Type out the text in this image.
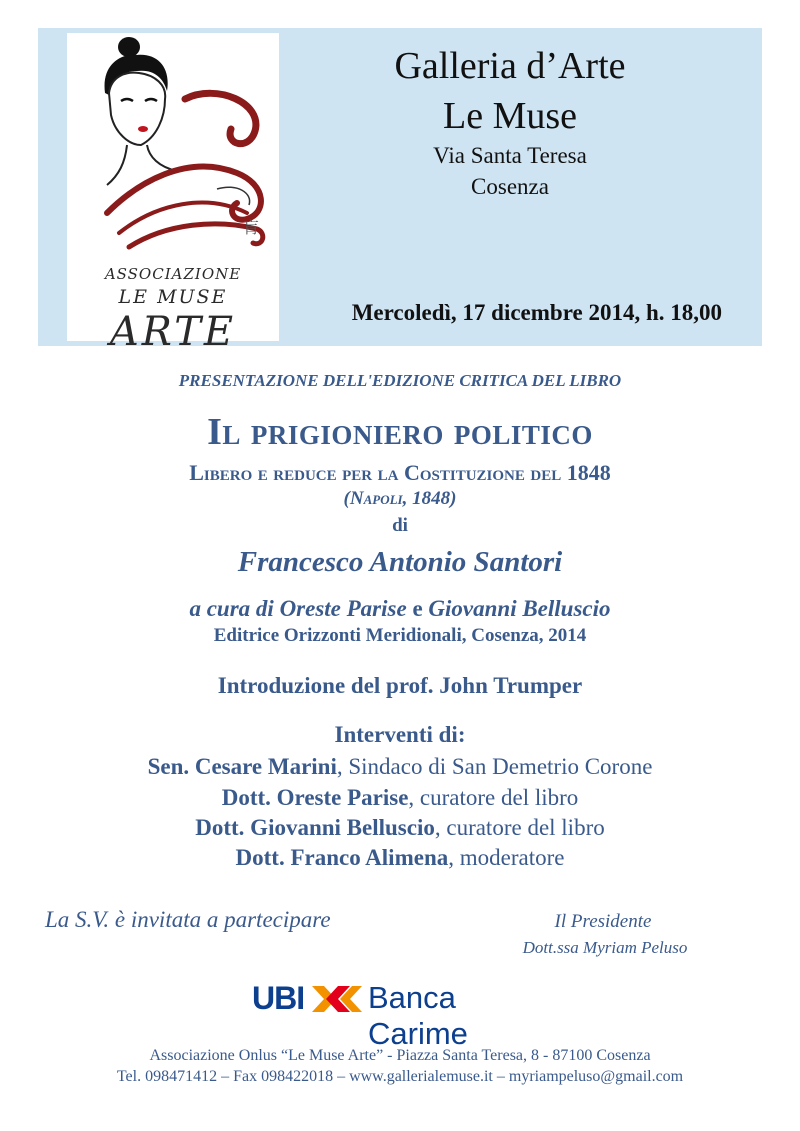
肓
ASSOCIAZIONE
LE MUSE
ARTE
Galleria d’Arte
Le Muse
Via Santa Teresa
Cosenza
Mercoledì, 17 dicembre 2014, h. 18,00
PRESENTAZIONE DELL'EDIZIONE CRITICA DEL LIBRO
Il prigioniero politico
Libero e reduce per la Costituzione del 1848
(Napoli, 1848)
di
Francesco Antonio Santori
a cura di Oreste Parise e Giovanni Belluscio
Editrice Orizzonti Meridionali, Cosenza, 2014
Introduzione del prof. John Trumper
Interventi di:
Sen. Cesare Marini, Sindaco di San Demetrio Corone
Dott. Oreste Parise, curatore del libro
Dott. Giovanni Belluscio, curatore del libro
Dott. Franco Alimena, moderatore
La S.V. è invitata a partecipare	Il Presidente
Dott.ssa Myriam Peluso
UBI Banca Carime
Associazione Onlus “Le Muse Arte” - Piazza Santa Teresa, 8 - 87100 Cosenza
Tel. 098471412 – Fax 098422018 – www.gallerialemuse.it – myriampeluso@gmail.com
